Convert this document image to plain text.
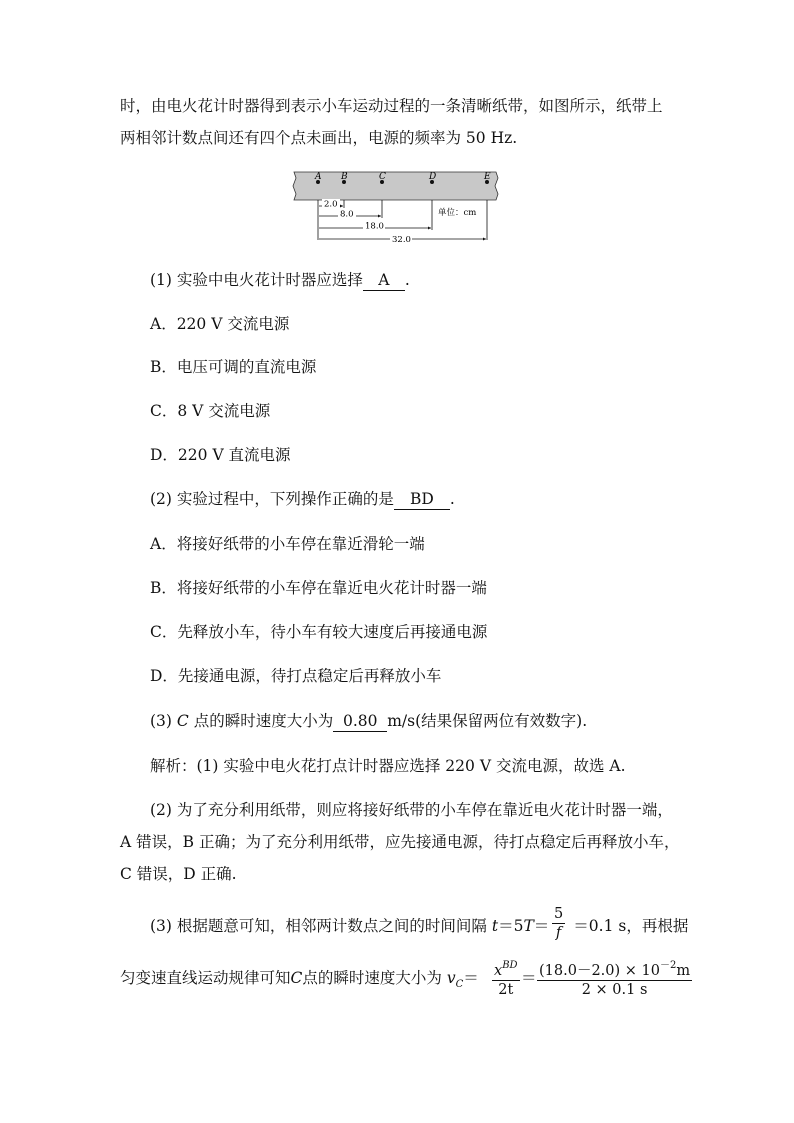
时，由电火花计时器得到表示小车运动过程的一条清晰纸带，如图所示，纸带上
两相邻计数点间还有四个点未画出，电源的频率为 50 Hz.
A B	C	D	E
2.0
8.0
18.0
32.0
单位：cm
(1) 实验中电火花计时器应选择 A .
A．220 V 交流电源
B．电压可调的直流电源
C．8 V 交流电源
D．220 V 直流电源
(2) 实验过程中，下列操作正确的是 BD .
A．将接好纸带的小车停在靠近滑轮一端
B．将接好纸带的小车停在靠近电火花计时器一端
C．先释放小车，待小车有较大速度后再接通电源
D．先接通电源，待打点稳定后再释放小车
(3) C 点的瞬时速度大小为 0.80 m/s(结果保留两位有效数字).
解析：(1) 实验中电火花打点计时器应选择 220 V 交流电源，故选 A.
(2) 为了充分利用纸带，则应将接好纸带的小车停在靠近电火花计时器一端，
A 错误，B 正确；为了充分利用纸带，应先接通电源，待打点稳定后再释放小车，
C 错误，D 正确.
(3) 根据题意可知，相邻两计数点之间的时间间隔 t＝5T＝ ＝0.1 s，再根据
$\frac{5}{f}$
匀变速直线运动规律可知C点的瞬时速度大小为 $v_C= x^{BD}$
2t
＝ $\frac{(18.0-2.0) \times 10^{-2}m}{2 \times 0.1 s}$
